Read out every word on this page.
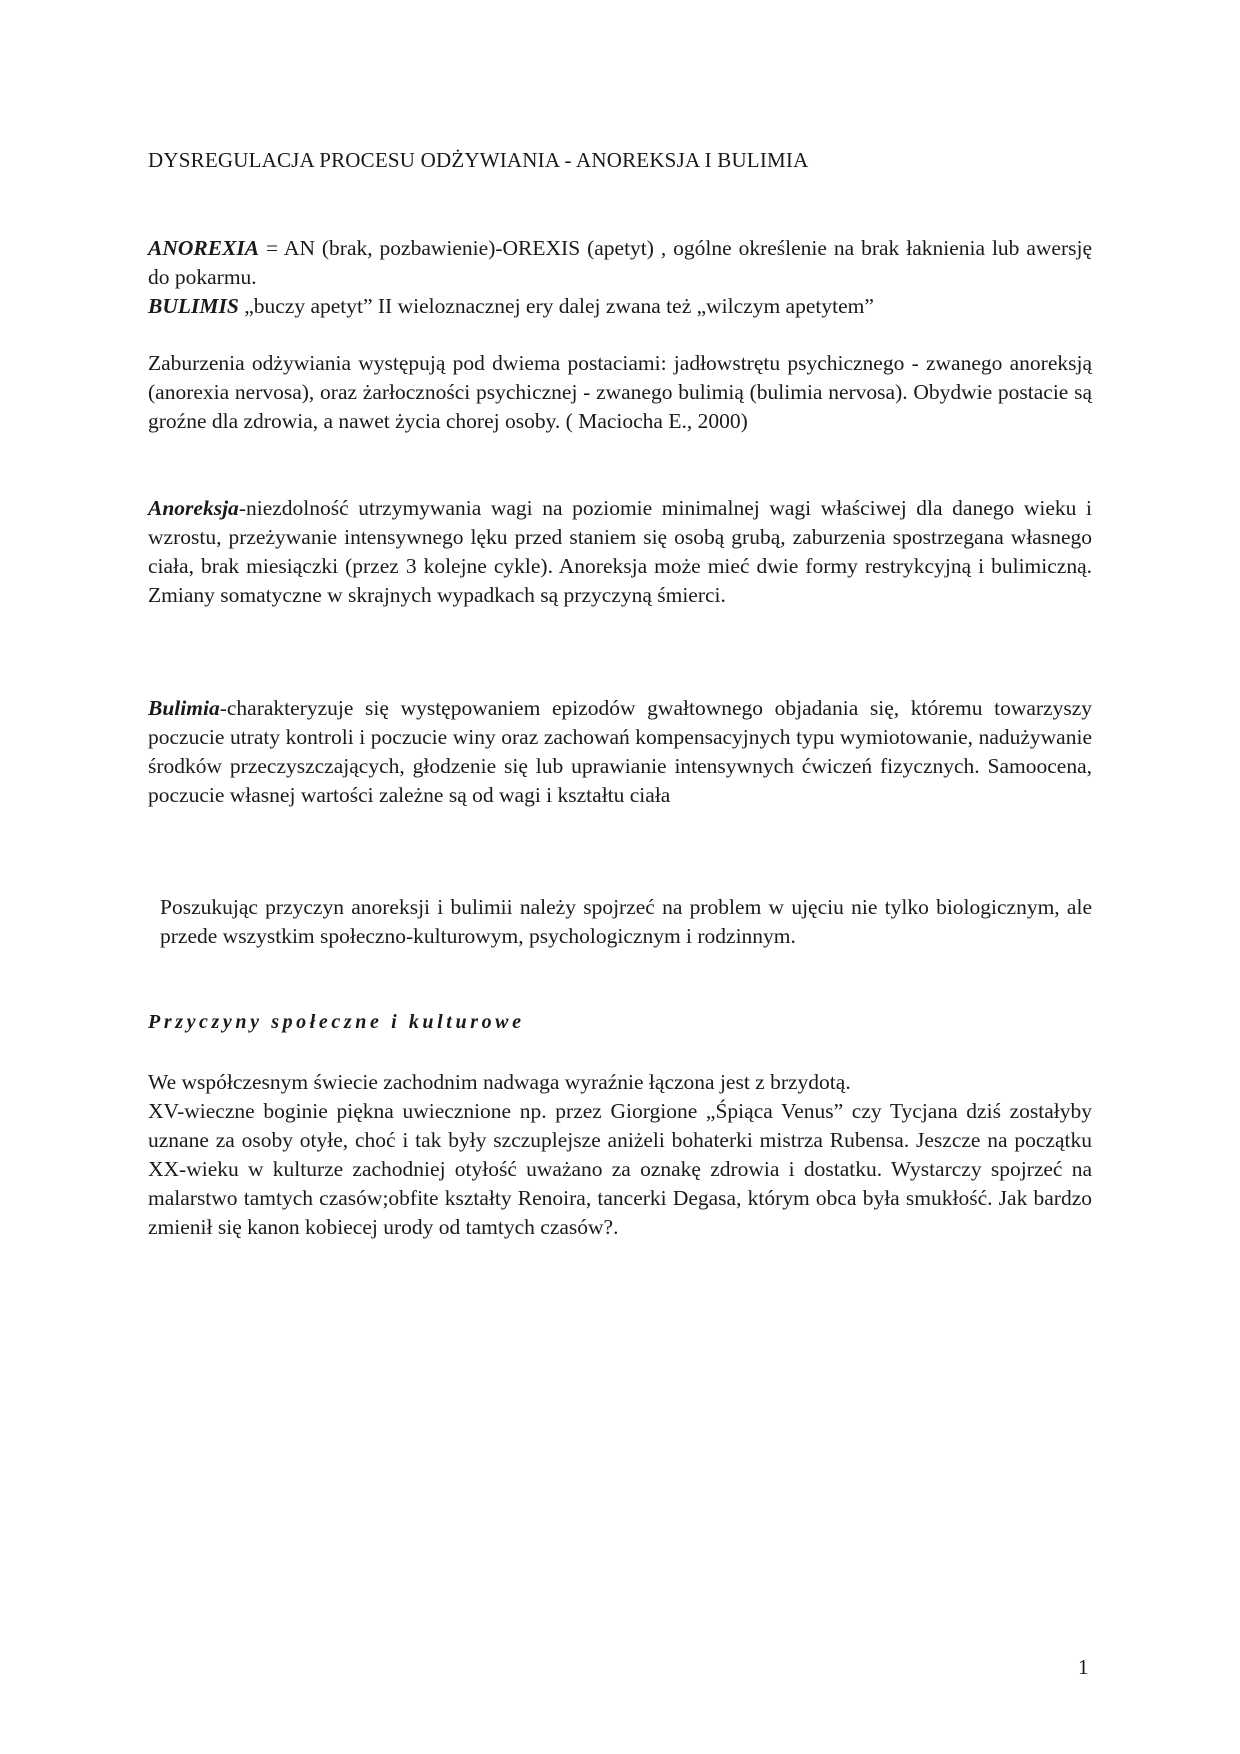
DYSREGULACJA PROCESU ODŻYWIANIA - ANOREKSJA I BULIMIA

ANOREXIA = AN (brak, pozbawienie)-OREXIS (apetyt) , ogólne określenie na brak łaknienia lub awersję do pokarmu.

BULIMIS „buczy apetyt” II wieloznacznej ery dalej zwana też „wilczym apetytem”

Zaburzenia odżywiania występują pod dwiema postaciami: jadłowstrętu psychicznego - zwanego anoreksją (anorexia nervosa), oraz żarłoczności psychicznej - zwanego bulimią (bulimia nervosa). Obydwie postacie są groźne dla zdrowia, a nawet życia chorej osoby. ( Maciocha E., 2000)

Anoreksja-niezdolność utrzymywania wagi na poziomie minimalnej wagi właściwej dla danego wieku i wzrostu, przeżywanie intensywnego lęku przed staniem się osobą grubą, zaburzenia spostrzegana własnego ciała, brak miesiączki (przez 3 kolejne cykle). Anoreksja może mieć dwie formy restrykcyjną i bulimiczną. Zmiany somatyczne w skrajnych wypadkach są przyczyną śmierci.

Bulimia-charakteryzuje się występowaniem epizodów gwałtownego objadania się, któremu towarzyszy poczucie utraty kontroli i poczucie winy oraz zachowań kompensacyjnych typu wymiotowanie, nadużywanie środków przeczyszczających, głodzenie się lub uprawianie intensywnych ćwiczeń fizycznych. Samoocena, poczucie własnej wartości zależne są od wagi i kształtu ciała

Poszukując przyczyn anoreksji i bulimii należy spojrzeć na problem w ujęciu nie tylko biologicznym, ale przede wszystkim społeczno-kulturowym, psychologicznym i rodzinnym.

Przyczyny społeczne i kulturowe

We współczesnym świecie zachodnim nadwaga wyraźnie łączona jest z brzydotą.

XV-wieczne boginie piękna uwiecznione np. przez Giorgione „Śpiąca Venus” czy Tycjana dziś zostałyby uznane za osoby otyłe, choć i tak były szczuplejsze aniżeli bohaterki mistrza Rubensa. Jeszcze na początku XX-wieku w kulturze zachodniej otyłość uważano za oznakę zdrowia i dostatku. Wystarczy spojrzeć na malarstwo tamtych czasów;obfite kształty Renoira, tancerki Degasa, którym obca była smukłość. Jak bardzo zmienił się kanon kobiecej urody od tamtych czasów?.

1
